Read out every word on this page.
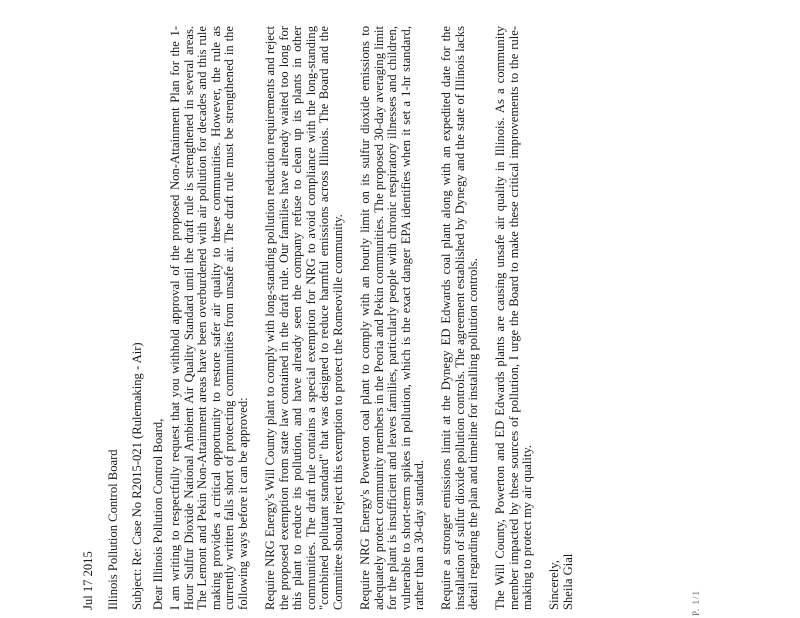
Jul 17 2015 Illinois Pollution Control Board Subject: Re: Case No R2015-021 (Rulemaking - Air) Dear Illinois Pollution Control Board, I am writing to respectfully request that you withhold approval of the proposed Non-Attainment Plan for the 1-Hour Sulfur Dioxide National Ambient Air Quality Standard until the draft rule is strengthened in several areas. The Lemont and Pekin Non-Attainment areas have been overburdened with air pollution for decades and this rule making provides a critical opportunity to restore safer air quality to these communities. However, the rule as currently written falls short of protecting communities from unsafe air. The draft rule must be strengthened in the following ways before it can be approved: Require NRG Energy's Will County plant to comply with long-standing pollution reduction requirements and reject the proposed exemption from state law contained in the draft rule. Our families have already waited too long for this plant to reduce its pollution, and have already seen the company refuse to clean up its plants in other communities. The draft rule contains a special exemption for NRG to avoid compliance with the long-standing "combined pollutant standard" that was designed to reduce harmful emissions across Illinois. The Board and the Committee should reject this exemption to protect the Romeoville community. Require NRG Energy's Powerton coal plant to comply with an hourly limit on its sulfur dioxide emissions to adequately protect community members in the Peoria and Pekin communities. The proposed 30-day averaging limit for the plant is insufficient and leaves families, particularly people with chronic respiratory illnesses and children, vulnerable to short-term spikes in pollution, which is the exact danger EPA identifies when it set a 1-hr standard, rather than a 30-day standard. Require a stronger emissions limit at the Dynegy ED Edwards coal plant along with an expedited date for the installation of sulfur dioxide pollution controls. The agreement established by Dynegy and the state of Illinois lacks detail regarding the plan and timeline for installing pollution controls. The Will County, Powerton and ED Edwards plants are causing unsafe air quality in Illinois. As a community member impacted by these sources of pollution, I urge the Board to make these critical improvements to the rule-making to protect my air quality. Sincerely, Sheila Gial	P. 1/1
